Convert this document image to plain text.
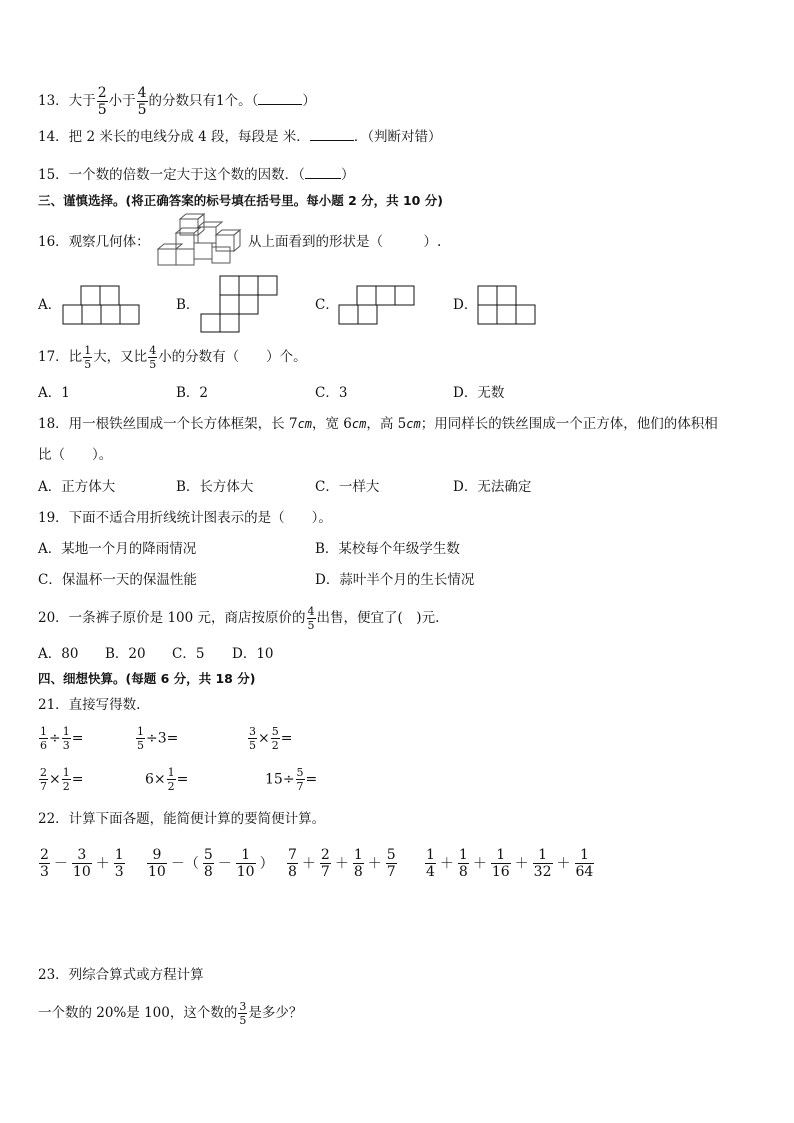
13．大于 $\frac{2}{5}$ 小于 $\frac{4}{5}$ 的分数只有1个。（	）
14．把 2 米长的电线分成 4 段，每段是 米．	．（判断对错）
15．一个数的倍数一定大于这个数的因数．（	）
三、谨慎选择。(将正确答案的标号填在括号里。每小题 2 分，共 10 分)
16．观察几何体：	从上面看到的形状是（　　　）.
A．	B．	C．	D．
17．比 $\frac{1}{5}$ 大，又比 $\frac{4}{5}$ 小的分数有（　　）个。
A．1	B．2	C．3	D．无数
18．用一根铁丝围成一个长方体框架，长 7cm，宽 6cm，高 5cm；用同样长的铁丝围成一个正方体，他们的体积相
比（　　）。
A．正方体大	B．长方体大	C．一样大	D．无法确定
19．下面不适合用折线统计图表示的是（　　）。
A．某地一个月的降雨情况	B．某校每个年级学生数
C．保温杯一天的保温性能	D．蒜叶半个月的生长情况
20．一条裤子原价是 100 元，商店按原价的 $\frac{4}{5}$ 出售，便宜了(　)元.
A．80 B．20 C．5 D．10
四、细想快算。(每题 6 分，共 18 分)
21．直接写得数.
$\frac{1}{6} \div \frac{1}{3}$ =	$\frac{1}{5} \div 3=$	$\frac{3}{5} \times \frac{5}{2}$ =
$\frac{2}{7} \times \frac{1}{2}$ =	$6\times \frac{1}{2}$ =	$15\div \frac{5}{7}$ =
22．计算下面各题，能简便计算的要简便计算。
$\frac{2}{3} - \frac{3}{10} + \frac{1}{3} \frac{9}{10}$ －（ $\frac{5}{8} - \frac{1}{10}$ ） $\frac{7}{8} + \frac{2}{7} + \frac{1}{8} + \frac{5}{7} \frac{1}{4} + \frac{1}{8} + \frac{1}{16} + \frac{1}{32} + \frac{1}{64}$
23．列综合算式或方程计算
一个数的 20%是 100，这个数的 $\frac{3}{5}$ 是多少？
